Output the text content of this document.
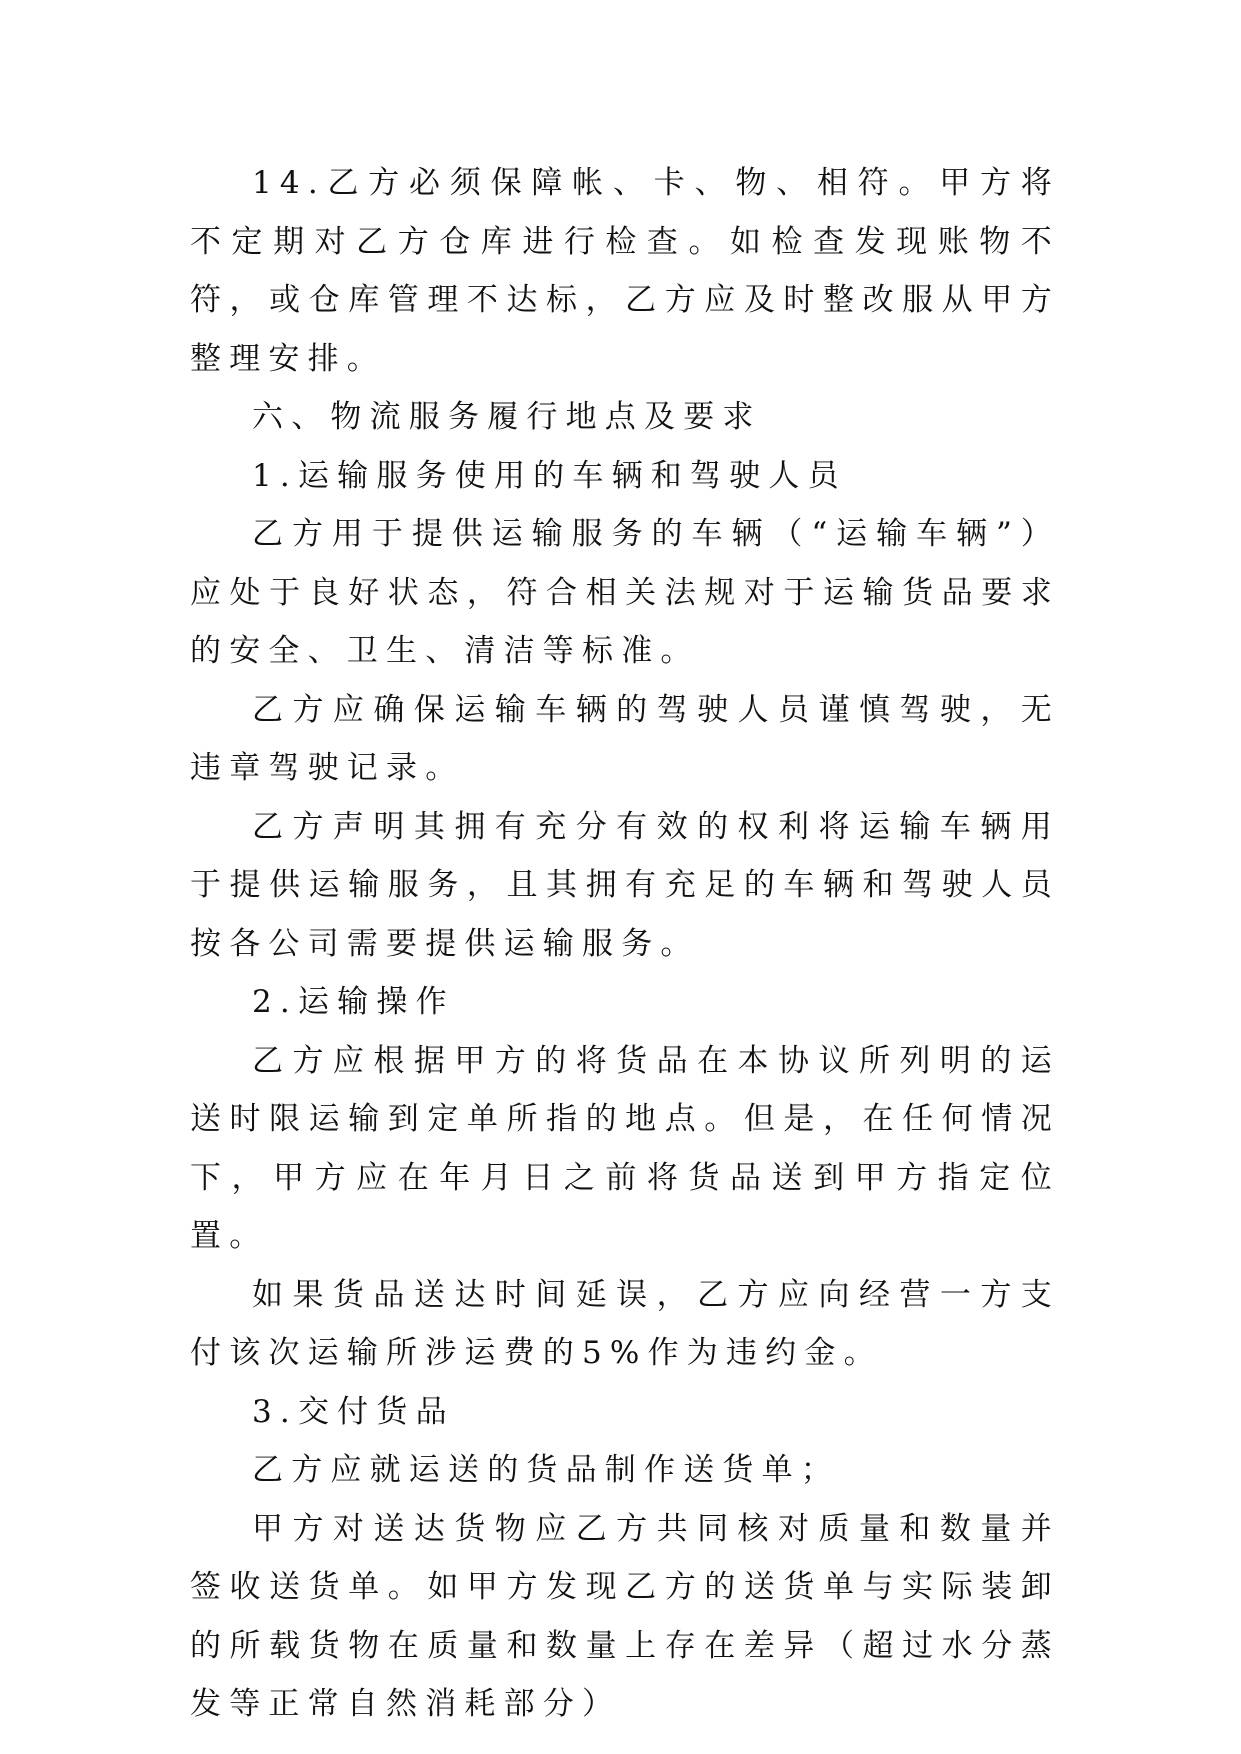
14.乙方必须保障帐、卡、物、相符。甲方将不定期对乙方仓库进行检查。如检查发现账物不符，或仓库管理不达标，乙方应及时整改服从甲方整理安排。

六、物流服务履行地点及要求

1.运输服务使用的车辆和驾驶人员

乙方用于提供运输服务的车辆（“运输车辆”）应处于良好状态，符合相关法规对于运输货品要求的安全、卫生、清洁等标准。

乙方应确保运输车辆的驾驶人员谨慎驾驶，无违章驾驶记录。

乙方声明其拥有充分有效的权利将运输车辆用于提供运输服务，且其拥有充足的车辆和驾驶人员按各公司需要提供运输服务。

2.运输操作

乙方应根据甲方的将货品在本协议所列明的运送时限运输到定单所指的地点。但是，在任何情况下，甲方应在年月日之前将货品送到甲方指定位置。

如果货品送达时间延误，乙方应向经营一方支付该次运输所涉运费的5%作为违约金。

3.交付货品

乙方应就运送的货品制作送货单；

甲方对送达货物应乙方共同核对质量和数量并签收送货单。如甲方发现乙方的送货单与实际装卸的所载货物在质量和数量上存在差异（超过水分蒸发等正常自然消耗部分）
